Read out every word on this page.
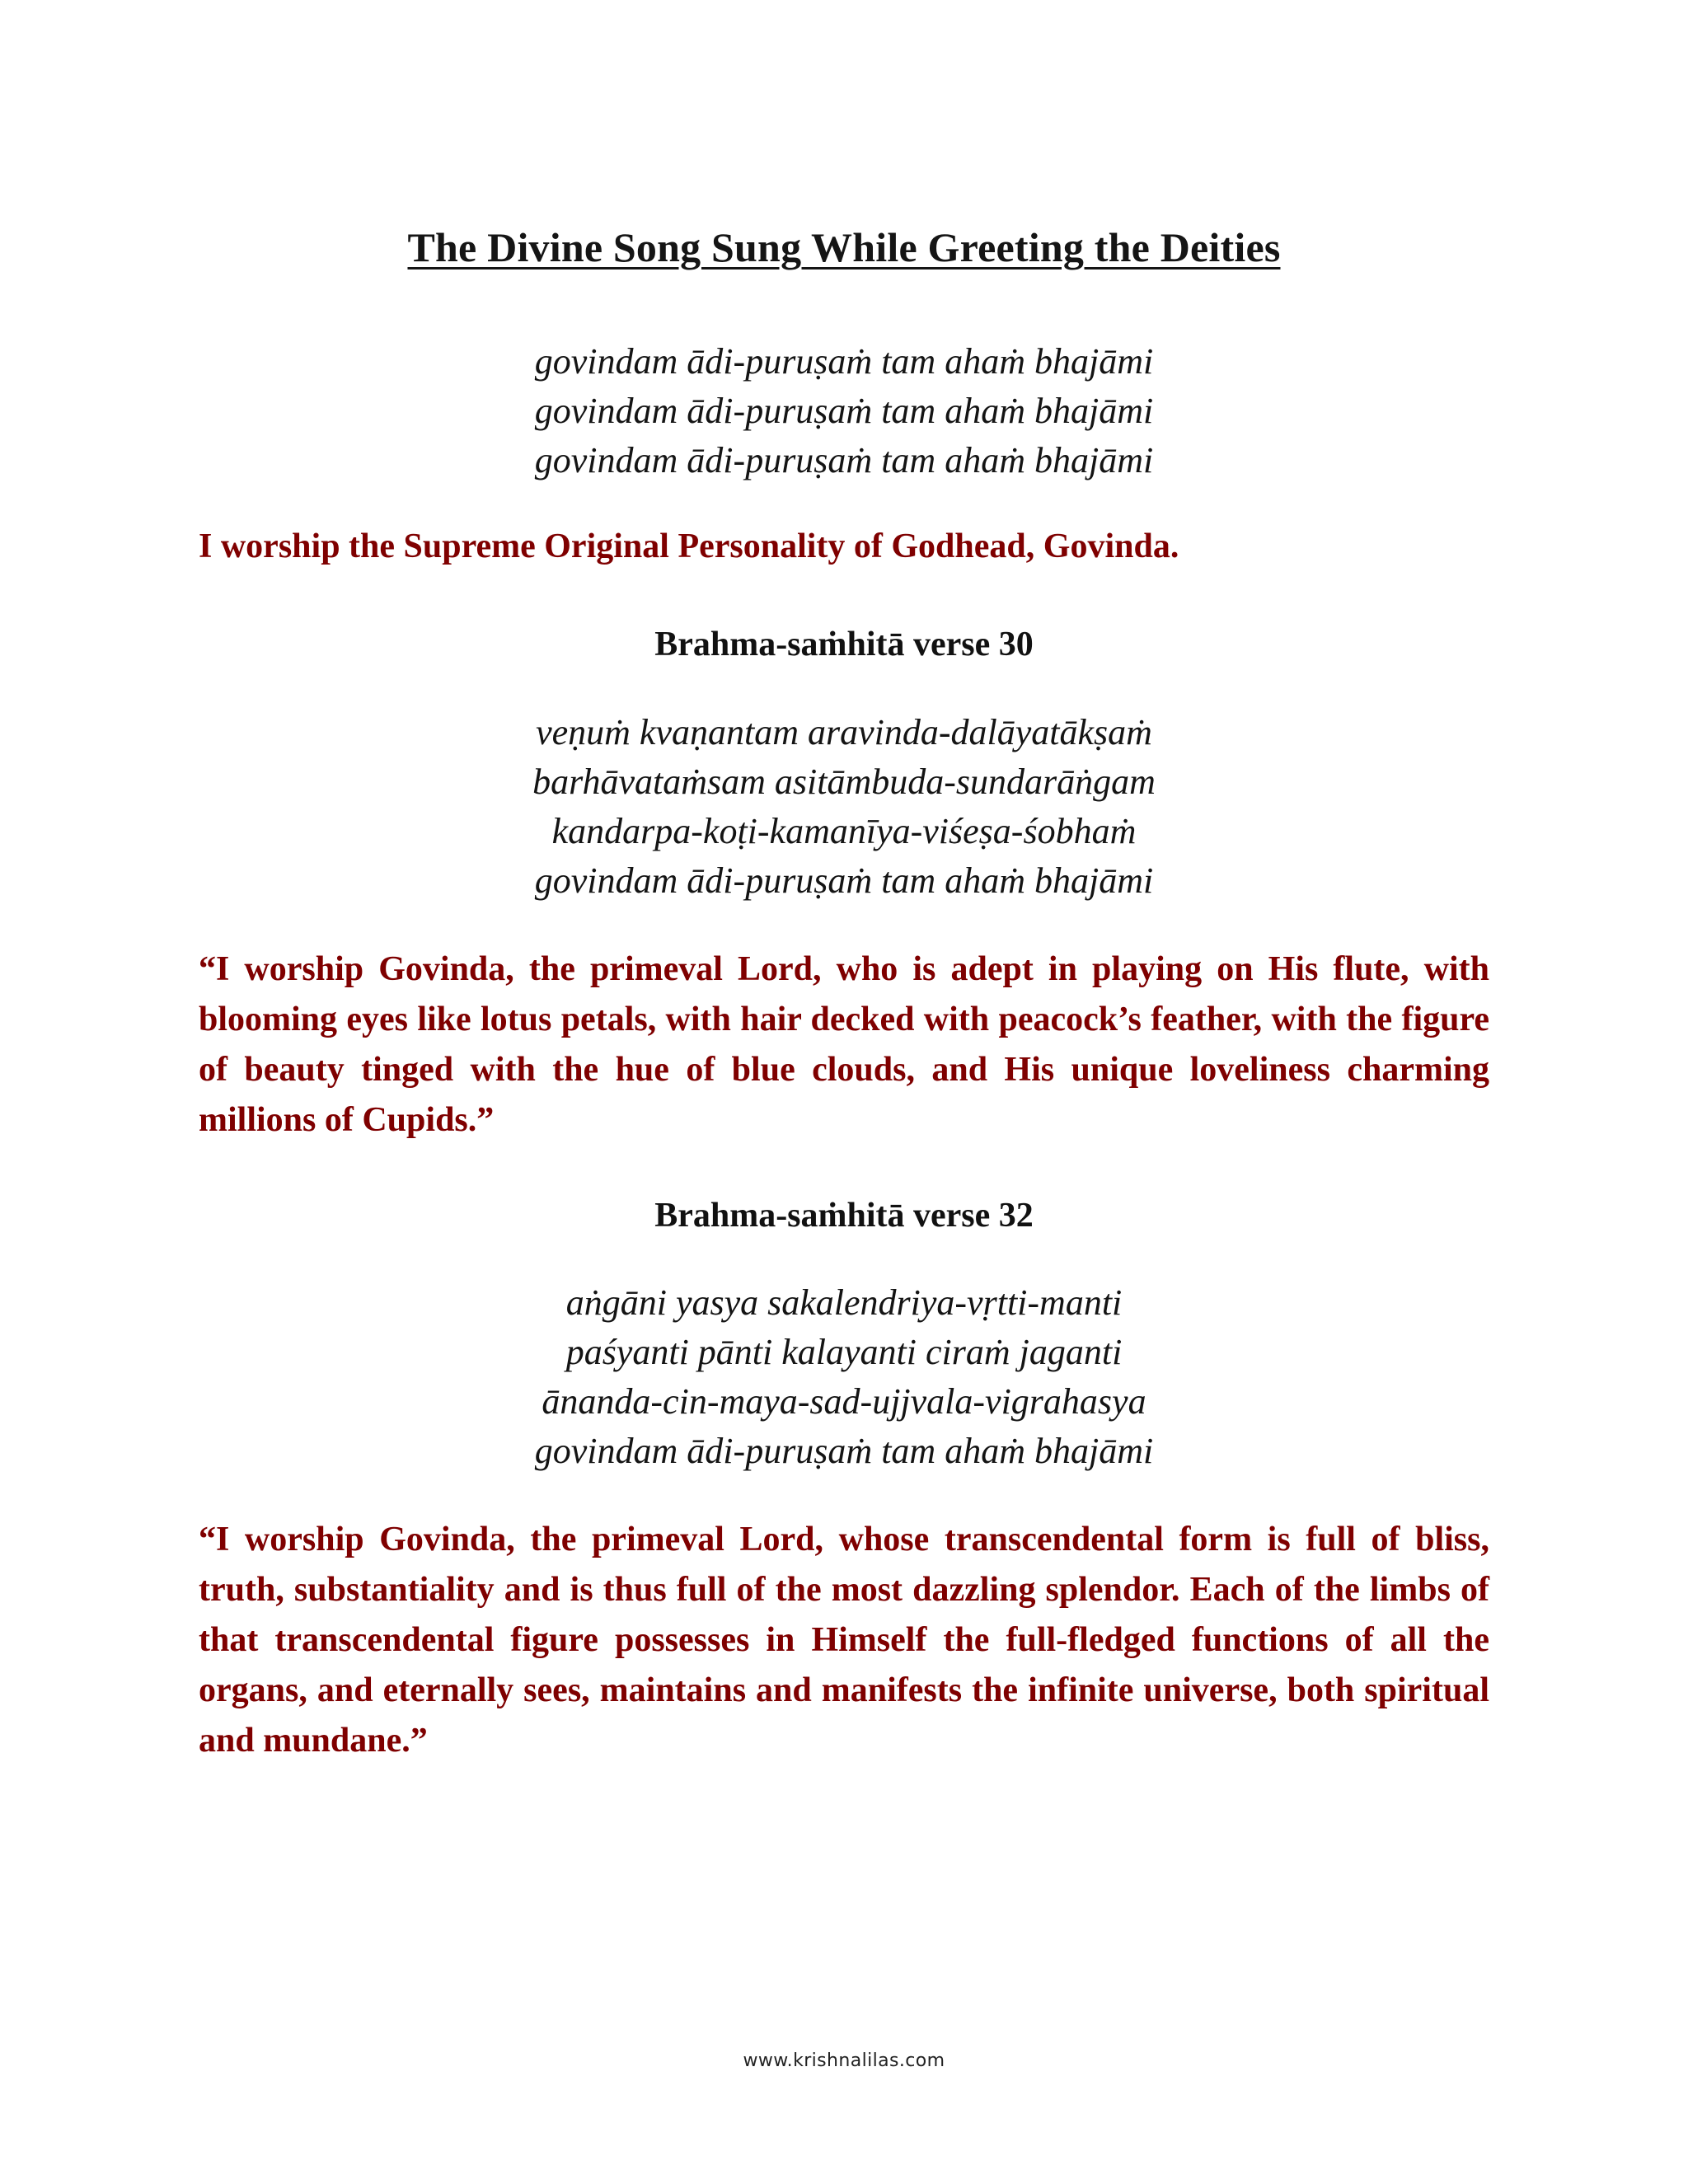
The Divine Song Sung While Greeting the Deities
govindam ādi-puruṣaṁ tam ahaṁ bhajāmi
govindam ādi-puruṣaṁ tam ahaṁ bhajāmi
govindam ādi-puruṣaṁ tam ahaṁ bhajāmi

I worship the Supreme Original Personality of Godhead, Govinda.

Brahma-saṁhitā verse 30
veṇuṁ kvaṇantam aravinda-dalāyatākṣaṁ
barhāvataṁsam asitāmbuda-sundarāṅgam
kandarpa-koṭi-kamanīya-viśeṣa-śobhaṁ
govindam ādi-puruṣaṁ tam ahaṁ bhajāmi

“I worship Govinda, the primeval Lord, who is adept in playing on His flute, with blooming eyes like lotus petals, with hair decked with peacock’s feather, with the figure of beauty tinged with the hue of blue clouds, and His unique loveliness charming millions of Cupids.”

Brahma-saṁhitā verse 32
aṅgāni yasya sakalendriya-vṛtti-manti
paśyanti pānti kalayanti ciraṁ jaganti
ānanda-cin-maya-sad-ujjvala-vigrahasya
govindam ādi-puruṣaṁ tam ahaṁ bhajāmi

“I worship Govinda, the primeval Lord, whose transcendental form is full of bliss, truth, substantiality and is thus full of the most dazzling splendor. Each of the limbs of that transcendental figure possesses in Himself the full-fledged functions of all the organs, and eternally sees, maintains and manifests the infinite universe, both spiritual and mundane.”

www.krishnalilas.com
